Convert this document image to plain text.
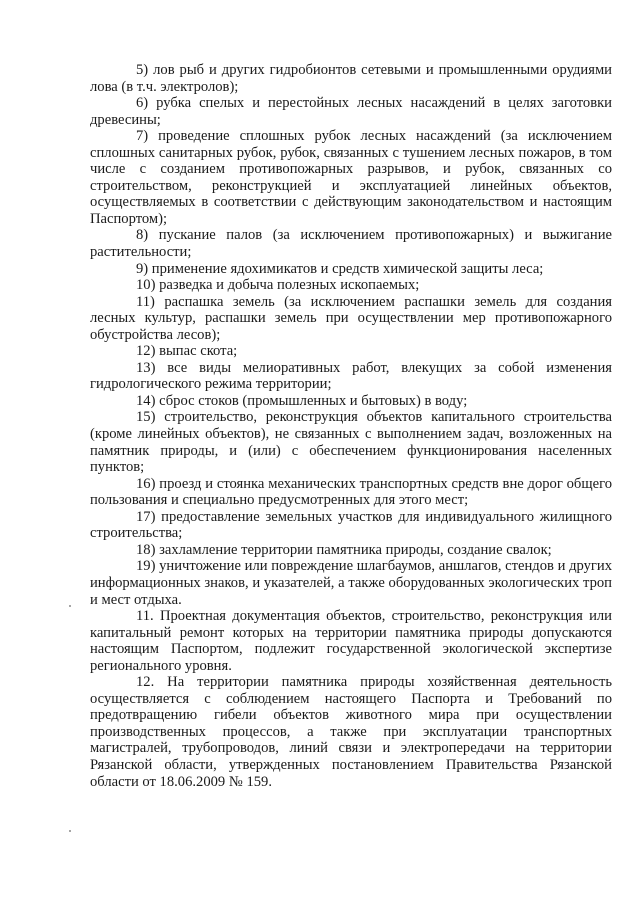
5) лов рыб и других гидробионтов сетевыми и промышленными орудиями лова (в т.ч. электролов);

6) рубка спелых и перестойных лесных насаждений в целях заготовки древесины;

7) проведение сплошных рубок лесных насаждений (за исключением сплошных санитарных рубок, рубок, связанных с тушением лесных пожаров, в том числе с созданием противопожарных разрывов, и рубок, связанных со строительством, реконструкцией и эксплуатацией линейных объектов, осуществляемых в соответствии с действующим законодательством и настоящим Паспортом);

8) пускание палов (за исключением противопожарных) и выжигание растительности;

9) применение ядохимикатов и средств химической защиты леса;

10) разведка и добыча полезных ископаемых;

11) распашка земель (за исключением распашки земель для создания лесных культур, распашки земель при осуществлении мер противопожарного обустройства лесов);

12) выпас скота;

13) все виды мелиоративных работ, влекущих за собой изменения гидрологического режима территории;

14) сброс стоков (промышленных и бытовых) в воду;

15) строительство, реконструкция объектов капитального строительства (кроме линейных объектов), не связанных с выполнением задач, возложенных на памятник природы, и (или) с обеспечением функционирования населенных пунктов;

16) проезд и стоянка механических транспортных средств вне дорог общего пользования и специально предусмотренных для этого мест;

17) предоставление земельных участков для индивидуального жилищного строительства;

18) захламление территории памятника природы, создание свалок;

19) уничтожение или повреждение шлагбаумов, аншлагов, стендов и других информационных знаков, и указателей, а также оборудованных экологических троп и мест отдыха.

11. Проектная документация объектов, строительство, реконструкция или капитальный ремонт которых на территории памятника природы допускаются настоящим Паспортом, подлежит государственной экологической экспертизе регионального уровня.

12. На территории памятника природы хозяйственная деятельность осуществляется с соблюдением настоящего Паспорта и Требований по предотвращению гибели объектов животного мира при осуществлении производственных процессов, а также при эксплуатации транспортных магистралей, трубопроводов, линий связи и электропередачи на территории Рязанской области, утвержденных постановлением Правительства Рязанской области от 18.06.2009 № 159.
